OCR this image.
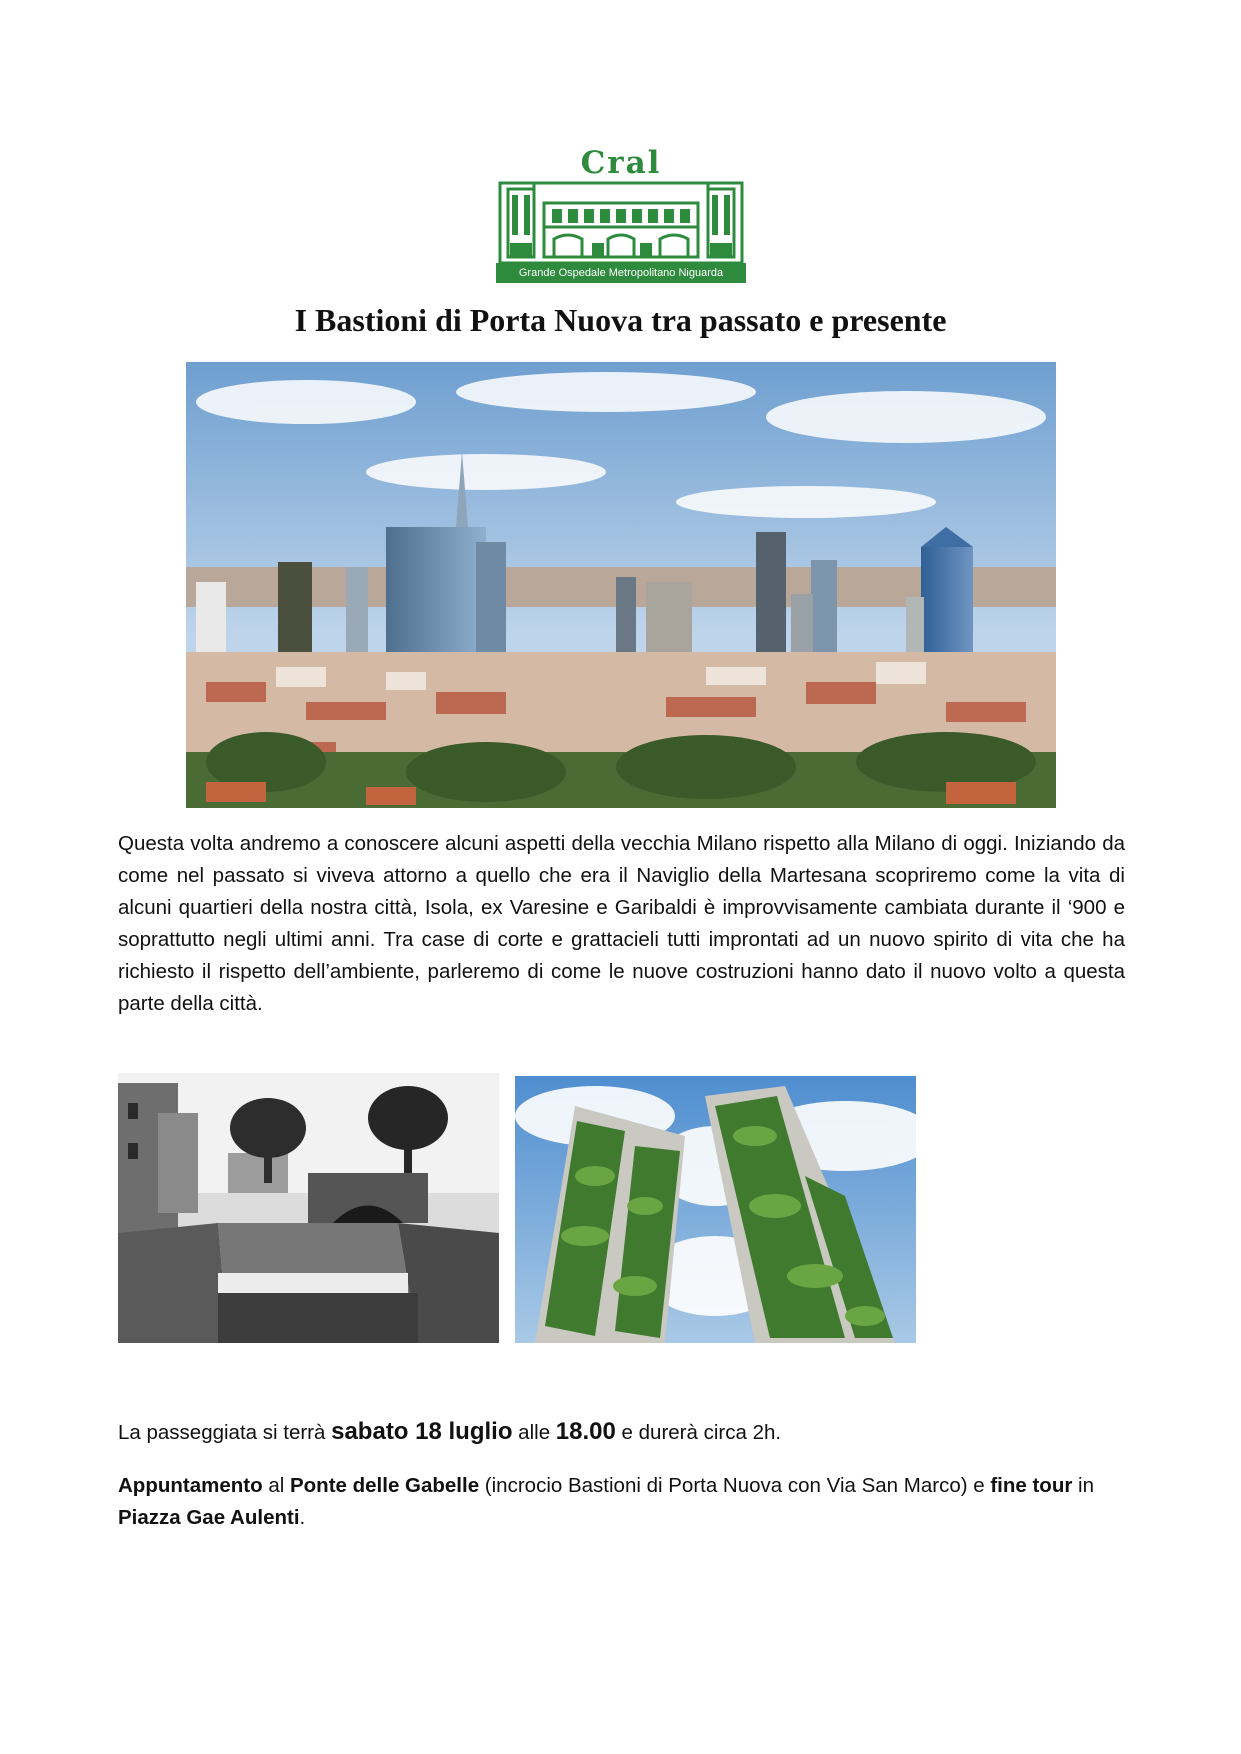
Cral
Grande Ospedale Metropolitano Niguarda
I Bastioni di Porta Nuova tra passato e presente
Questa volta andremo a conoscere alcuni aspetti della vecchia Milano rispetto alla Milano di oggi. Iniziando da come nel passato si viveva attorno a quello che era il Naviglio della Martesana scopriremo come la vita di alcuni quartieri della nostra città, Isola, ex Varesine e Garibaldi è improvvisamente cambiata durante il ‘900 e soprattutto negli ultimi anni. Tra case di corte e grattacieli tutti improntati ad un nuovo spirito di vita che ha richiesto il rispetto dell’ambiente, parleremo di come le nuove costruzioni hanno dato il nuovo volto a questa parte della città.
La passeggiata si terrà sabato 18 luglio alle 18.00 e durerà circa 2h.
Appuntamento al Ponte delle Gabelle (incrocio Bastioni di Porta Nuova con Via San Marco) e fine tour in Piazza Gae Aulenti.
